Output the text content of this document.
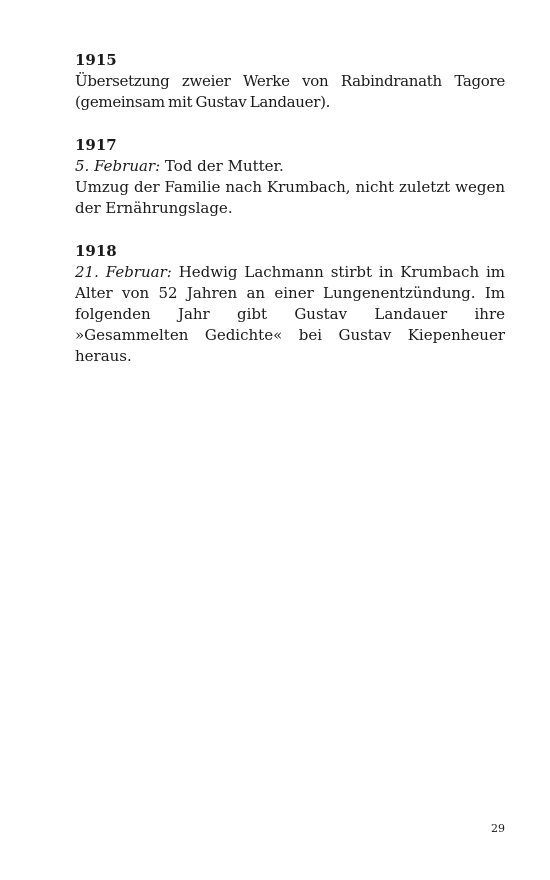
1915

Übersetzung zweier Werke von Rabindranath Tagore (gemeinsam mit Gustav Landauer).

1917

5. Februar: Tod der Mutter.

Umzug der Familie nach Krumbach, nicht zuletzt wegen der Ernährungslage.

1918

21. Februar: Hedwig Lachmann stirbt in Krumbach im Alter von 52 Jahren an einer Lungenentzündung. Im folgenden Jahr gibt Gustav Landauer ihre »Gesammelten Gedichte« bei Gustav Kiepenheuer heraus.

29
